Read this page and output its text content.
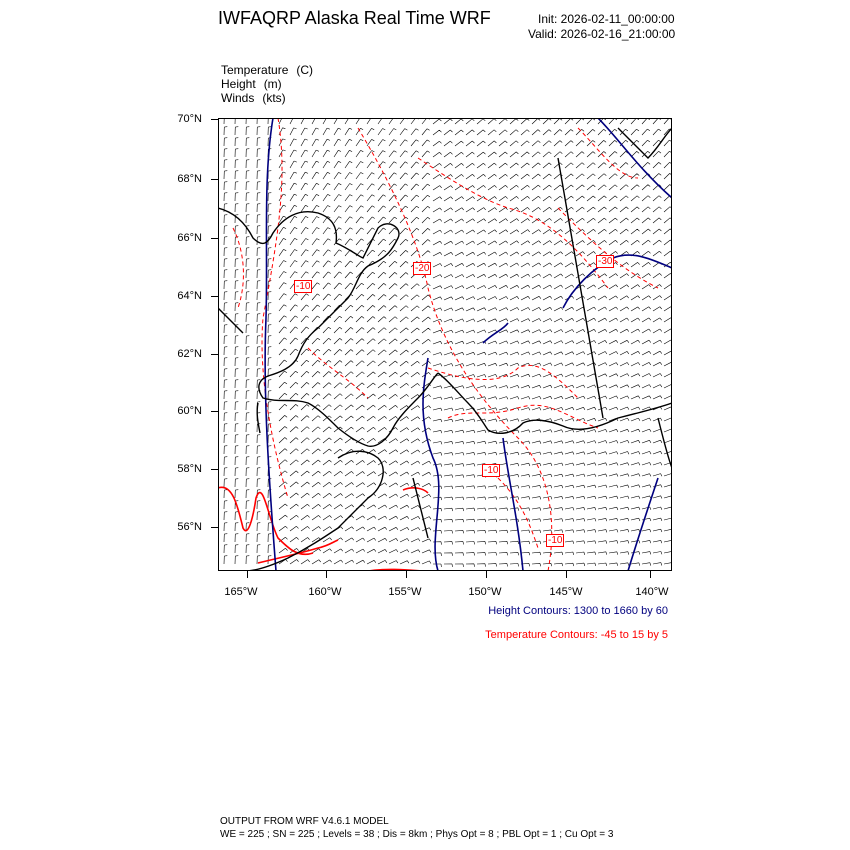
IWFAQRP Alaska Real Time WRF	Init: 2026-02-11_00:00:00
Valid: 2026-02-16_21:00:00
Temperature (C)
Height (m)
Winds (kts)
-20
-30
-10
-10
-10
70°N
68°N
66°N
64°N
62°N
60°N
58°N
56°N
165°W	160°W	155°W	150°W	145°W	140°W
Height Contours: 1300 to 1660 by 60
Temperature Contours: -45 to 15 by 5
OUTPUT FROM WRF V4.6.1 MODEL
WE = 225 ; SN = 225 ; Levels = 38 ; Dis = 8km ; Phys Opt = 8 ; PBL Opt = 1 ; Cu Opt = 3
